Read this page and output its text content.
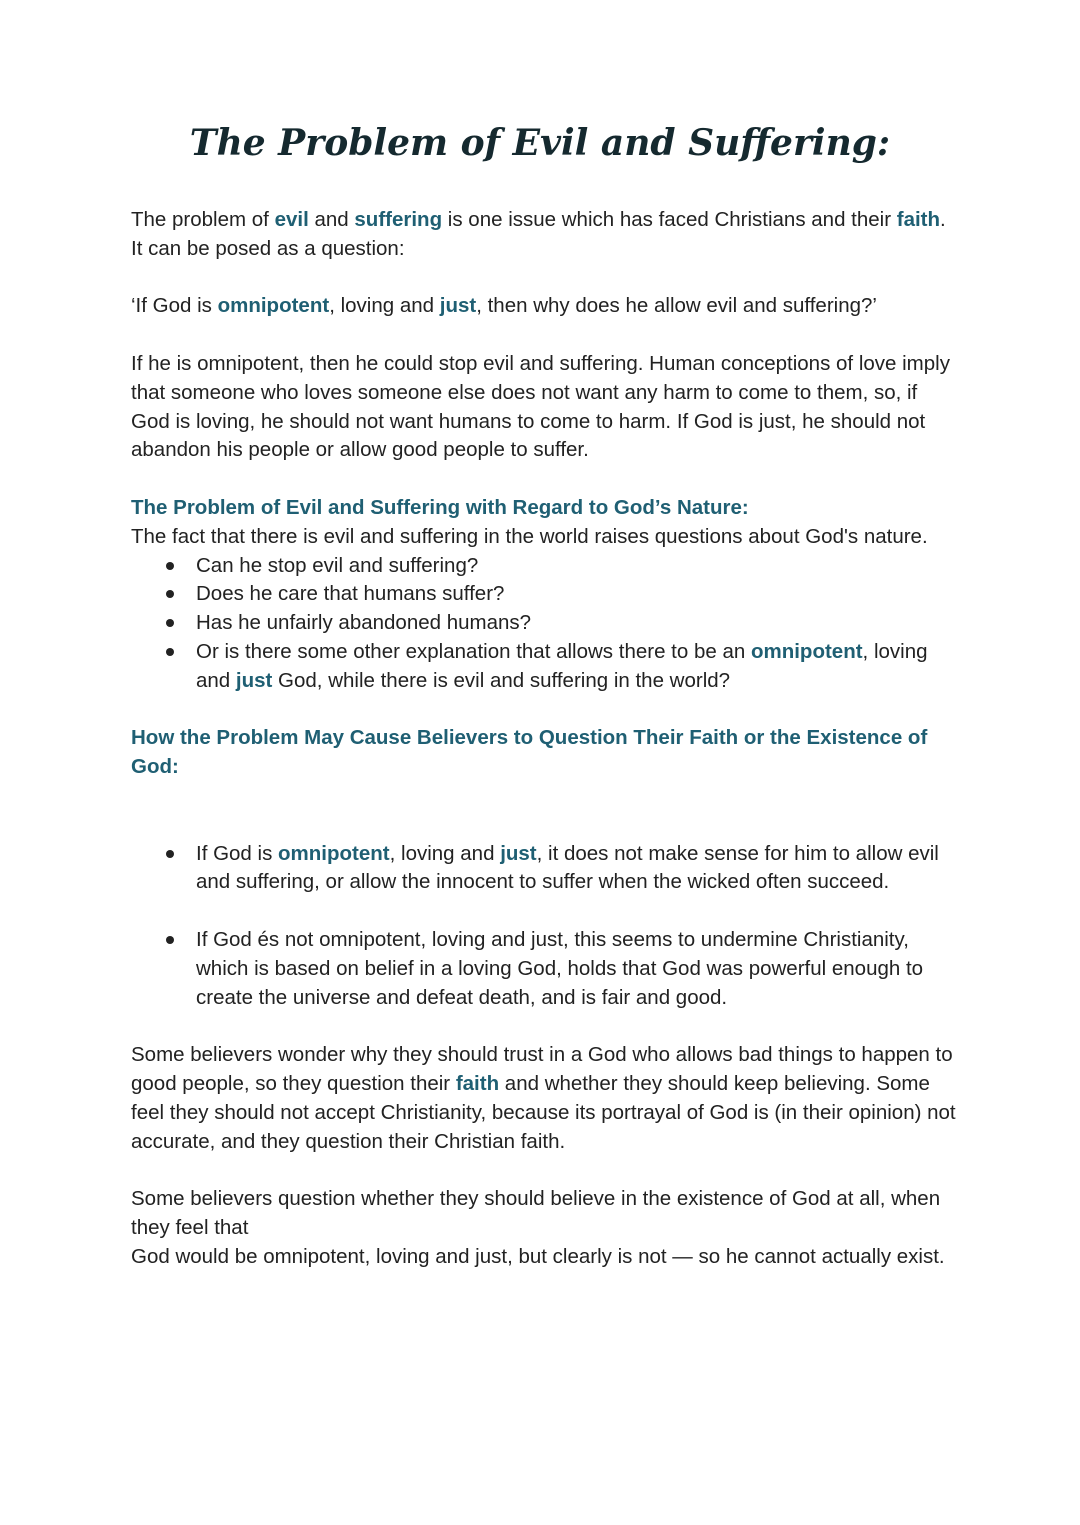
The Problem of Evil and Suffering:

The problem of evil and suffering is one issue which has faced Christians and their faith. It can be posed as a question:

‘If God is omnipotent, loving and just, then why does he allow evil and suffering?’

If he is omnipotent, then he could stop evil and suffering. Human conceptions of love imply that someone who loves someone else does not want any harm to come to them, so, if God is loving, he should not want humans to come to harm. If God is just, he should not abandon his people or allow good people to suffer.

The Problem of Evil and Suffering with Regard to God’s Nature:

The fact that there is evil and suffering in the world raises questions about God's nature.

Can he stop evil and suffering?
Does he care that humans suffer?
Has he unfairly abandoned humans?
Or is there some other explanation that allows there to be an omnipotent, loving and just God, while there is evil and suffering in the world?

How the Problem May Cause Believers to Question Their Faith or the Existence of God:

If God is omnipotent, loving and just, it does not make sense for him to allow evil and suffering, or allow the innocent to suffer when the wicked often succeed.
If God és not omnipotent, loving and just, this seems to undermine Christianity, which is based on belief in a loving God, holds that God was powerful enough to create the universe and defeat death, and is fair and good.

Some believers wonder why they should trust in a God who allows bad things to happen to good people, so they question their faith and whether they should keep believing. Some feel they should not accept Christianity, because its portrayal of God is (in their opinion) not accurate, and they question their Christian faith.

Some believers question whether they should believe in the existence of God at all, when they feel that

God would be omnipotent, loving and just, but clearly is not — so he cannot actually exist.
